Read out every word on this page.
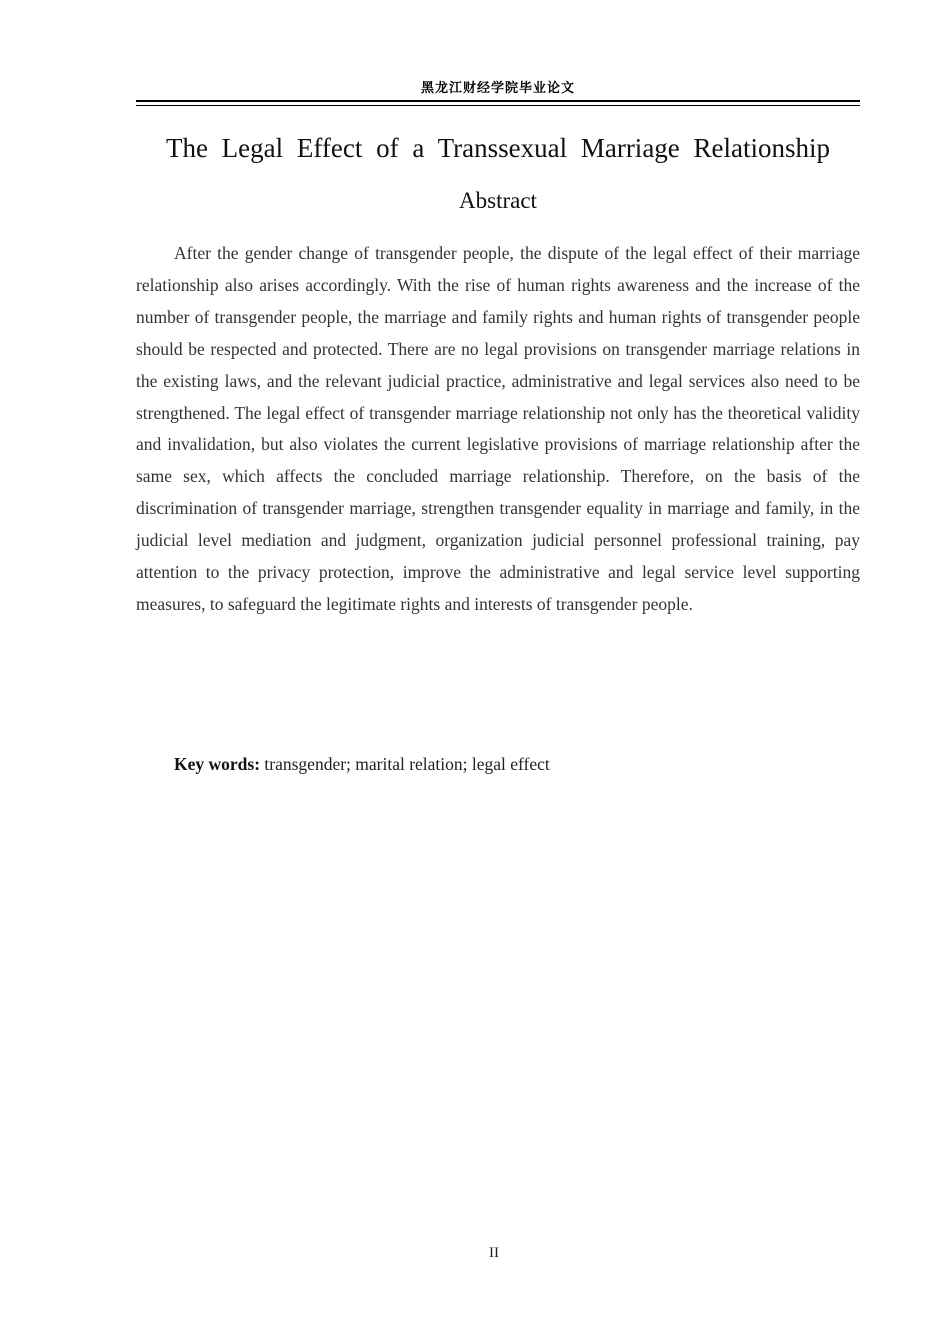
黑龙江财经学院毕业论文
The Legal Effect of a Transsexual Marriage Relationship
Abstract

After the gender change of transgender people, the dispute of the legal effect of their marriage relationship also arises accordingly. With the rise of human rights awareness and the increase of the number of transgender people, the marriage and family rights and human rights of transgender people should be respected and protected. There are no legal provisions on transgender marriage relations in the existing laws, and the relevant judicial practice, administrative and legal services also need to be strengthened. The legal effect of transgender marriage relationship not only has the theoretical validity and invalidation, but also violates the current legislative provisions of marriage relationship after the same sex, which affects the concluded marriage relationship. Therefore, on the basis of the discrimination of transgender marriage, strengthen transgender equality in marriage and family, in the judicial level mediation and judgment, organization judicial personnel professional training, pay attention to the privacy protection, improve the administrative and legal service level supporting measures, to safeguard the legitimate rights and interests of transgender people.

Key words: transgender; marital relation; legal effect
II
